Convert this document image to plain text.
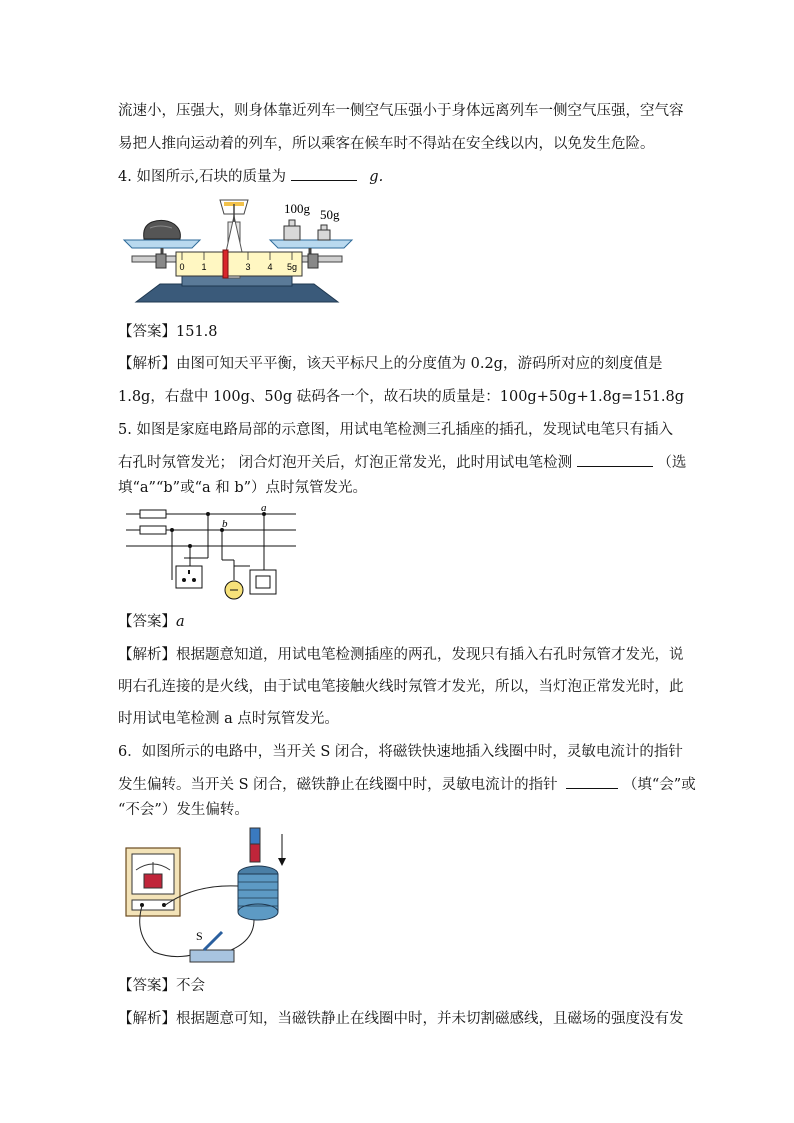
流速小，压强大，则身体靠近列车一侧空气压强小于身体远离列车一侧空气压强，空气容
易把人推向运动着的列车，所以乘客在候车时不得站在安全线以内，以免发生危险。
4. 如图所示,石块的质量为	g.
100g 50g
0 1	3 4 5g
【答案】151.8
【解析】由图可知天平平衡，该天平标尺上的分度值为 0.2g，游码所对应的刻度值是
1.8g，右盘中 100g、50g 砝码各一个，故石块的质量是：100g+50g+1.8g=151.8g
5. 如图是家庭电路局部的示意图，用试电笔检测三孔插座的插孔，发现试电笔只有插入
右孔时氖管发光； 闭合灯泡开关后，灯泡正常发光，此时用试电笔检测	（选
填“a”“b”或“a 和 b”）点时氖管发光。
b
a
【答案】a
【解析】根据题意知道，用试电笔检测插座的两孔，发现只有插入右孔时氖管才发光，说
明右孔连接的是火线，由于试电笔接触火线时氖管才发光，所以，当灯泡正常发光时，此
时用试电笔检测 a 点时氖管发光。
6．如图所示的电路中，当开关 S 闭合，将磁铁快速地插入线圈中时，灵敏电流计的指针
发生偏转。当开关 S 闭合，磁铁静止在线圈中时，灵敏电流计的指针	（填“会”或
“不会”）发生偏转。
S
【答案】不会
【解析】根据题意可知，当磁铁静止在线圈中时，并未切割磁感线，且磁场的强度没有发
